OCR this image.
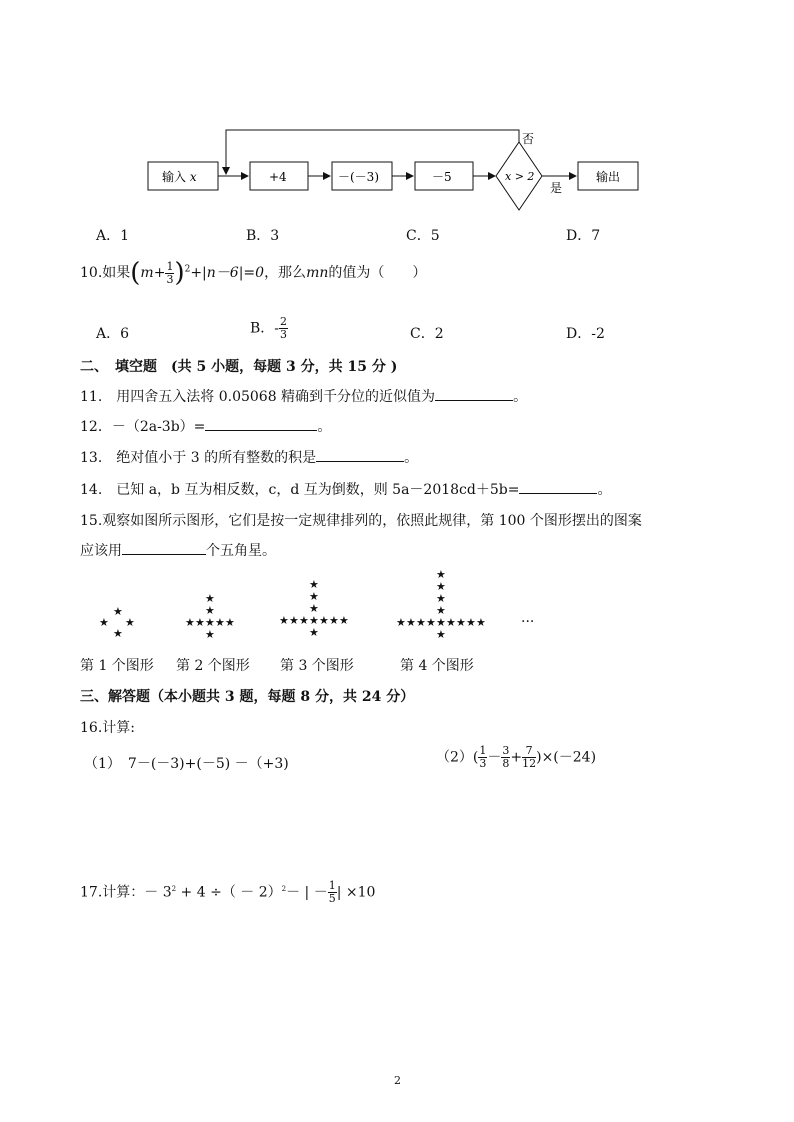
输入 x	+4	－(－3)	－5	x > 2
否
是
输出
A．1	B．3	C．5	D．7
10.如果$(m+ \frac{1}{3} )^2+|n-6|=0$，那么mn的值为（　　）
A．6	B．- $\frac{2}{3}$	C．2	D．-2
二、　填空题　(共 5 小题，每题 3 分，共 15 分 )
11.　用四舍五入法将 0.05068 精确到千分位的近似值为	。
12．－（2a-3b）=	。
13.　绝对值小于 3 的所有整数的积是	。
14.　已知 a，b 互为相反数，c，d 互为倒数，则 5a－2018cd＋5b=	。
15.观察如图所示图形，它们是按一定规律排列的，依照此规律，第 100 个图形摆出的图案
应该用	个五角星。
★
★ ★
★
★
★ ★
★
★	★
★
★
★
★ ★
★
★	★
★
★	★
★
★
★
★ ★
★
★	★
★
★	★
★
★	★
★
★
···
第 1 个图形 第 2 个图形 第 3 个图形	第 4 个图形
三、解答题（本小题共 3 题，每题 8 分，共 24 分）
16.计算:
（1）　7－(－3)+(－5) －（+3)	$(2)( \frac{1}{3} - \frac{3}{8} + \frac{7}{12} )\times(-24)$
17.计算：－ $3^2 + 4$ ÷（ － 2）$^2$－ | － $\frac{1}{5}$ | ×10
2
